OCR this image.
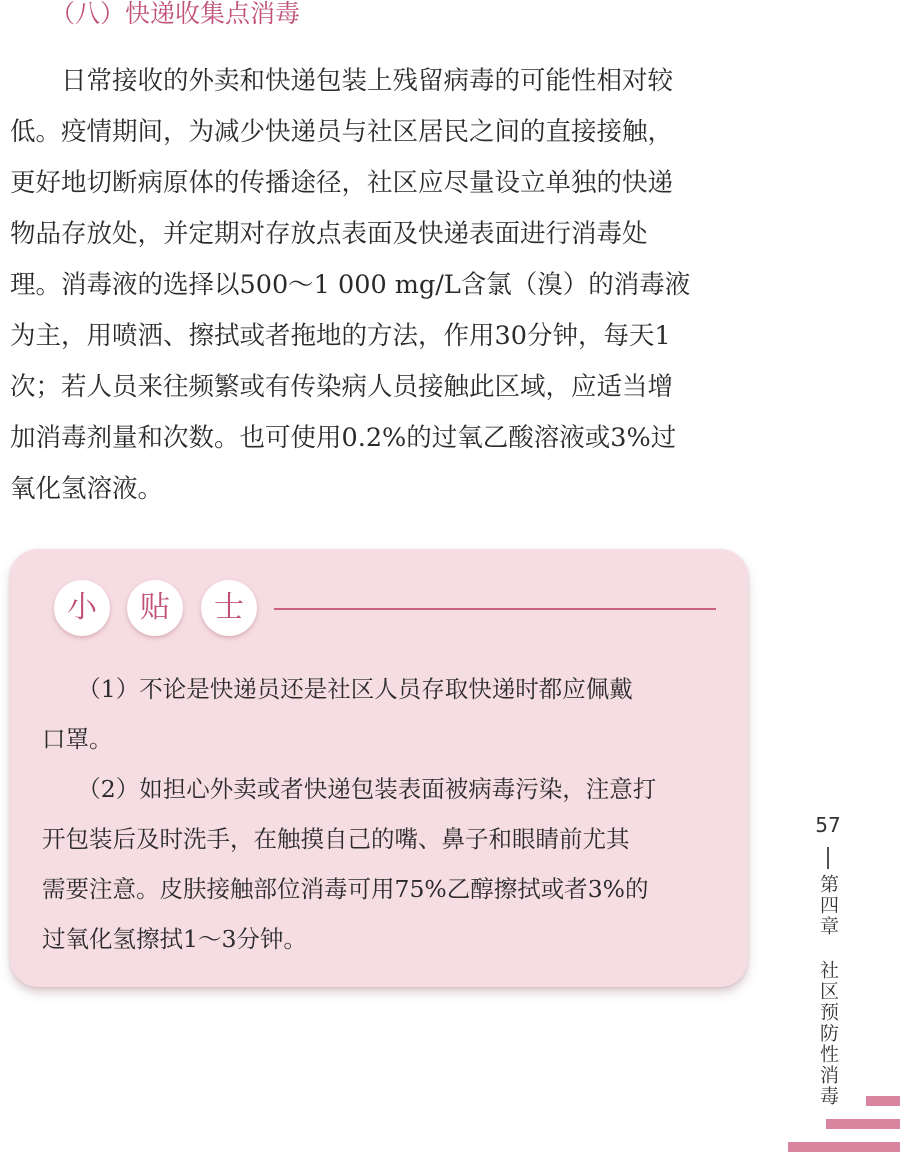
（八）快递收集点消毒
　　日常接收的外卖和快递包装上残留病毒的可能性相对较
低。疫情期间，为减少快递员与社区居民之间的直接接触，
更好地切断病原体的传播途径，社区应尽量设立单独的快递
物品存放处，并定期对存放点表面及快递表面进行消毒处
理。消毒液的选择以500～1 000 mg/L含氯（溴）的消毒液
为主，用喷洒、擦拭或者拖地的方法，作用30分钟，每天1
次；若人员来往频繁或有传染病人员接触此区域，应适当增
加消毒剂量和次数。也可使用0.2%的过氧乙酸溶液或3%过
氧化氢溶液。
小	贴	士
　　（1）不论是快递员还是社区人员存取快递时都应佩戴
口罩。
　　（2）如担心外卖或者快递包装表面被病毒污染，注意打
开包装后及时洗手，在触摸自己的嘴、鼻子和眼睛前尤其
需要注意。皮肤接触部位消毒可用75%乙醇擦拭或者3%的
过氧化氢擦拭1～3分钟。
57
第四章
社区预防性消毒
